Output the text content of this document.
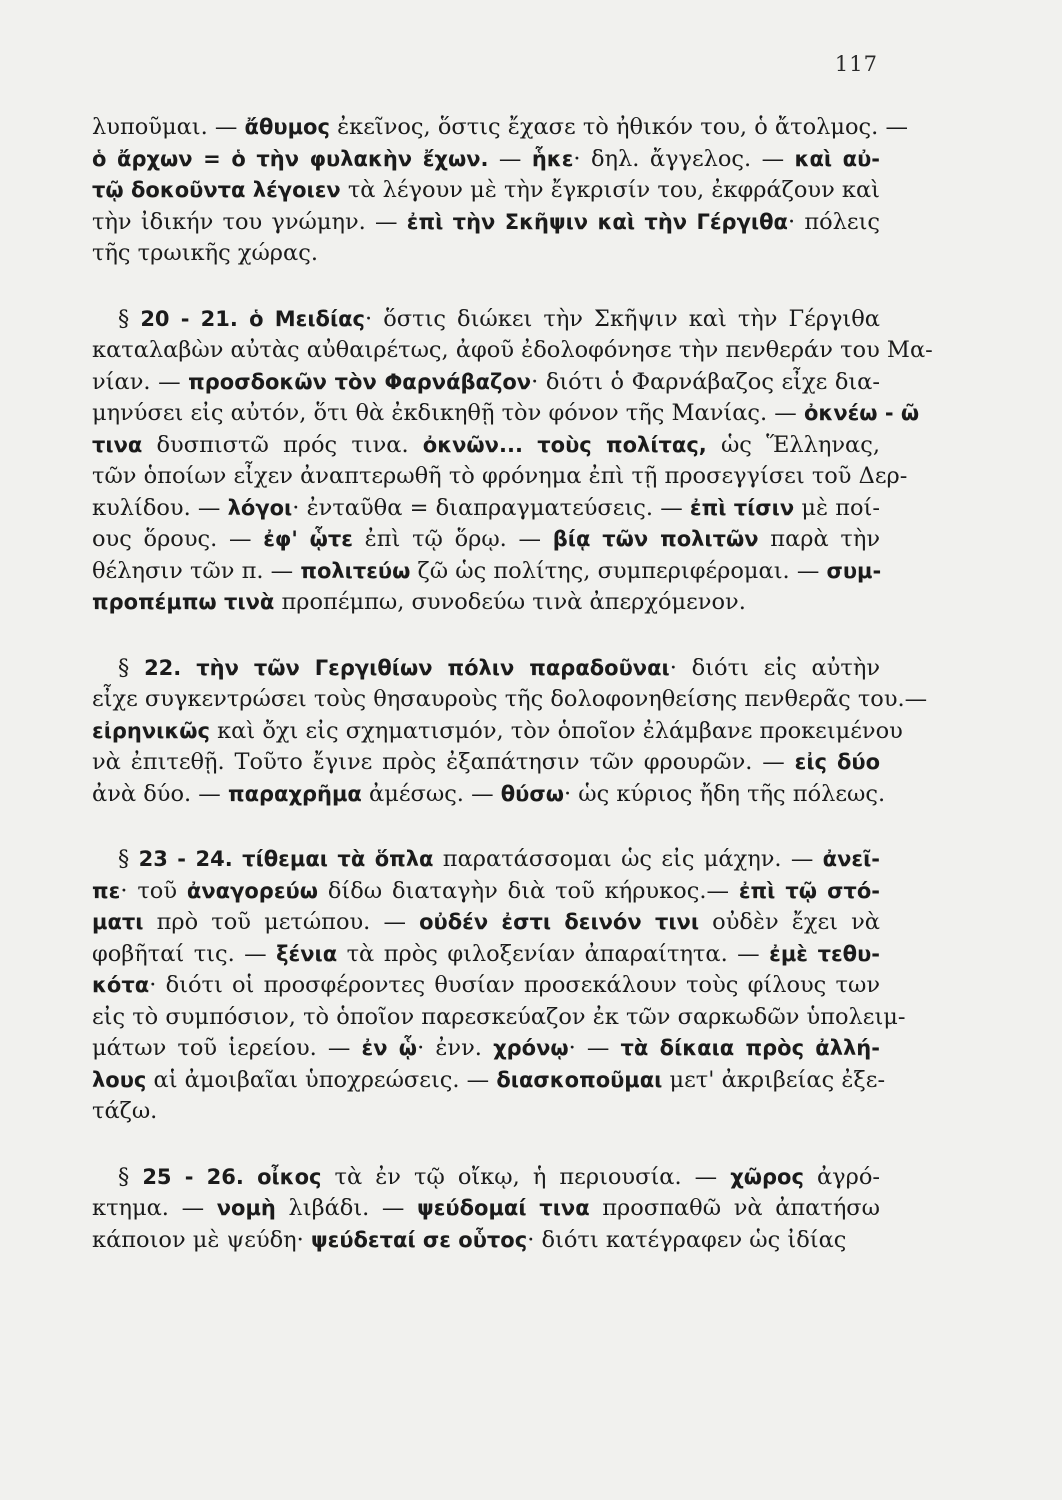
117
λυποῦμαι. — ἄθυμος ἐκεῖνος, ὅστις ἔχασε τὸ ἠθικόν του, ὁ ἄτολμος. —
ὁ ἄρχων = ὁ τὴν φυλακὴν ἔχων. — ἧκε· δηλ. ἄγγελος. — καὶ αὐ-
τῷ δοκοῦντα λέγοιεν τὰ λέγουν μὲ τὴν ἔγκρισίν του, ἐκφράζουν καὶ
τὴν ἰδικήν του γνώμην. — ἐπὶ τὴν Σκῆψιν καὶ τὴν Γέργιθα· πόλεις
τῆς τρωικῆς χώρας.
§ 20 - 21. ὁ Μειδίας· ὅστις διώκει τὴν Σκῆψιν καὶ τὴν Γέργιθα
καταλαβὼν αὐτὰς αὐθαιρέτως, ἀφοῦ ἐδολοφόνησε τὴν πενθεράν του Μα-
νίαν. — προσδοκῶν τὸν Φαρνάβαζον· διότι ὁ Φαρνάβαζος εἶχε δια-
μηνύσει εἰς αὐτόν, ὅτι θὰ ἐκδικηθῇ τὸν φόνον τῆς Μανίας. — ὀκνέω - ῶ
τινα δυσπιστῶ πρός τινα. ὀκνῶν... τοὺς πολίτας, ὡς Ἕλληνας,
τῶν ὁποίων εἶχεν ἀναπτερωθῆ τὸ φρόνημα ἐπὶ τῇ προσεγγίσει τοῦ Δερ-
κυλίδου. — λόγοι· ἐνταῦθα = διαπραγματεύσεις. — ἐπὶ τίσιν μὲ ποί-
ους ὅρους. — ἐφ' ᾧτε ἐπὶ τῷ ὅρῳ. — βίᾳ τῶν πολιτῶν παρὰ τὴν
θέλησιν τῶν π. — πολιτεύω ζῶ ὡς πολίτης, συμπεριφέρομαι. — συμ-
προπέμπω τινὰ προπέμπω, συνοδεύω τινὰ ἀπερχόμενον.
§ 22. τὴν τῶν Γεργιθίων πόλιν παραδοῦναι· διότι εἰς αὐτὴν
εἶχε συγκεντρώσει τοὺς θησαυροὺς τῆς δολοφονηθείσης πενθερᾶς του.—
εἰρηνικῶς καὶ ὄχι εἰς σχηματισμόν, τὸν ὁποῖον ἐλάμβανε προκειμένου
νὰ ἐπιτεθῇ. Τοῦτο ἔγινε πρὸς ἐξαπάτησιν τῶν φρουρῶν. — εἰς δύο
ἀνὰ δύο. — παραχρῆμα ἀμέσως. — θύσω· ὡς κύριος ἤδη τῆς πόλεως.
§ 23 - 24. τίθεμαι τὰ ὅπλα παρατάσσομαι ὡς εἰς μάχην. — ἀνεῖ-
πε· τοῦ ἀναγορεύω δίδω διαταγὴν διὰ τοῦ κήρυκος.— ἐπὶ τῷ στό-
ματι πρὸ τοῦ μετώπου. — οὐδέν ἐστι δεινόν τινι οὐδὲν ἔχει νὰ
φοβῆταί τις. — ξένια τὰ πρὸς φιλοξενίαν ἀπαραίτητα. — ἐμὲ τεθυ-
κότα· διότι οἱ προσφέροντες θυσίαν προσεκάλουν τοὺς φίλους των
εἰς τὸ συμπόσιον, τὸ ὁποῖον παρεσκεύαζον ἐκ τῶν σαρκωδῶν ὑπολειμ-
μάτων τοῦ ἱερείου. — ἐν ᾧ· ἐνν. χρόνῳ· — τὰ δίκαια πρὸς ἀλλή-
λους αἱ ἀμοιβαῖαι ὑποχρεώσεις. — διασκοποῦμαι μετ' ἀκριβείας ἐξε-
τάζω.
§ 25 - 26. οἶκος τὰ ἐν τῷ οἴκῳ, ἡ περιουσία. — χῶρος ἀγρό-
κτημα. — νομὴ λιβάδι. — ψεύδομαί τινα προσπαθῶ νὰ ἀπατήσω
κάποιον μὲ ψεύδη· ψεύδεταί σε οὗτος· διότι κατέγραφεν ὡς ἰδίας
